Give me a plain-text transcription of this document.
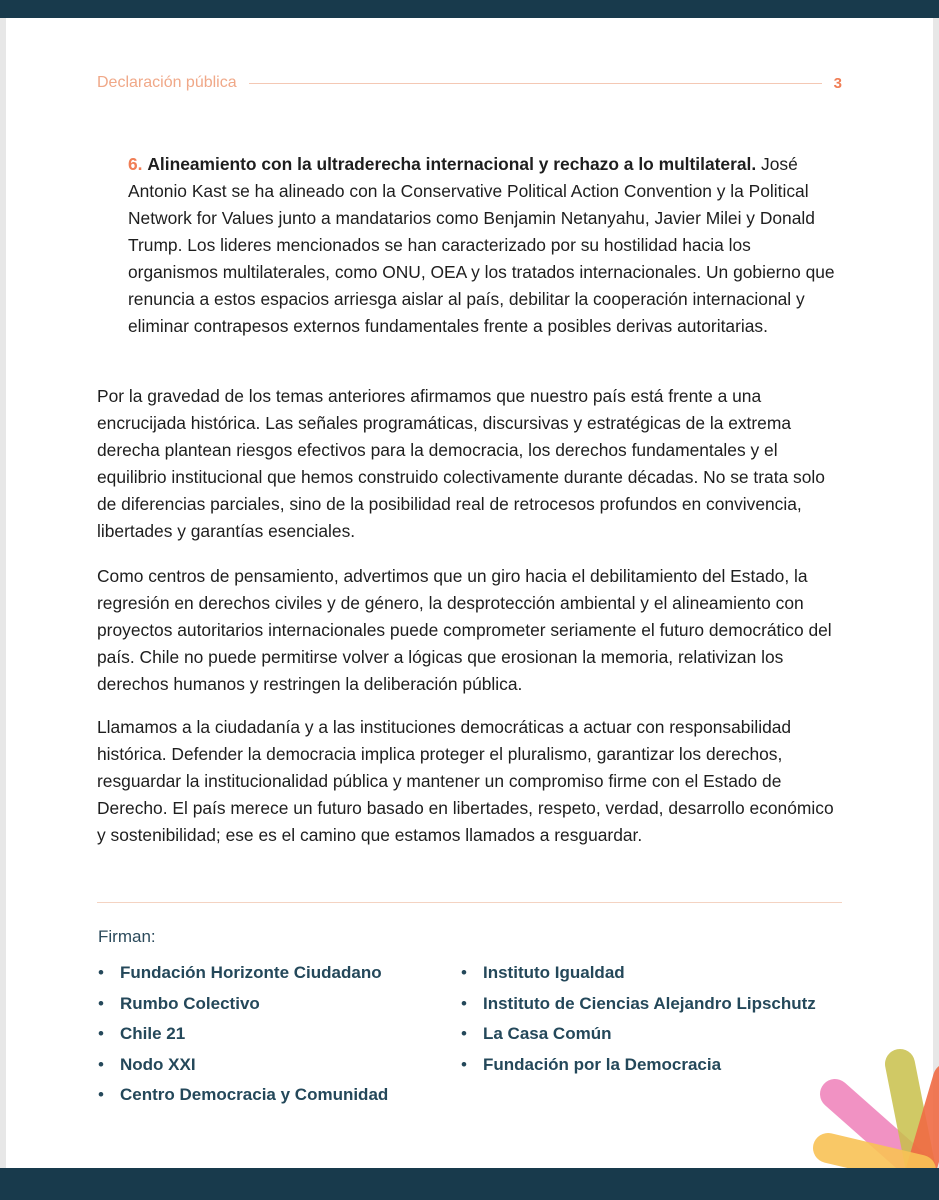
Declaración pública	3

6. Alineamiento con la ultraderecha internacional y rechazo a lo multilateral. José Antonio Kast se ha alineado con la Conservative Political Action Convention y la Political Network for Values junto a mandatarios como Benjamin Netanyahu, Javier Milei y Donald Trump. Los lideres mencionados se han caracterizado por su hostilidad hacia los organismos multilaterales, como ONU, OEA y los tratados internacionales. Un gobierno que renuncia a estos espacios arriesga aislar al país, debilitar la cooperación internacional y eliminar contrapesos externos fundamentales frente a posibles derivas autoritarias.

Por la gravedad de los temas anteriores afirmamos que nuestro país está frente a una encrucijada histórica. Las señales programáticas, discursivas y estratégicas de la extrema derecha plantean riesgos efectivos para la democracia, los derechos fundamentales y el equilibrio institucional que hemos construido colectivamente durante décadas. No se trata solo de diferencias parciales, sino de la posibilidad real de retrocesos profundos en convivencia, libertades y garantías esenciales.

Como centros de pensamiento, advertimos que un giro hacia el debilitamiento del Estado, la regresión en derechos civiles y de género, la desprotección ambiental y el alineamiento con proyectos autoritarios internacionales puede comprometer seriamente el futuro democrático del país. Chile no puede permitirse volver a lógicas que erosionan la memoria, relativizan los derechos humanos y restringen la deliberación pública.

Llamamos a la ciudadanía y a las instituciones democráticas a actuar con responsabilidad histórica. Defender la democracia implica proteger el pluralismo, garantizar los derechos, resguardar la institucionalidad pública y mantener un compromiso firme con el Estado de Derecho. El país merece un futuro basado en libertades, respeto, verdad, desarrollo económico y sostenibilidad; ese es el camino que estamos llamados a resguardar.

Firman:
• Fundación Horizonte Ciudadano
• Rumbo Colectivo
• Chile 21
• Nodo XXI
• Centro Democracia y Comunidad
• Instituto Igualdad
• Instituto de Ciencias Alejandro Lipschutz
• La Casa Común
• Fundación por la Democracia
